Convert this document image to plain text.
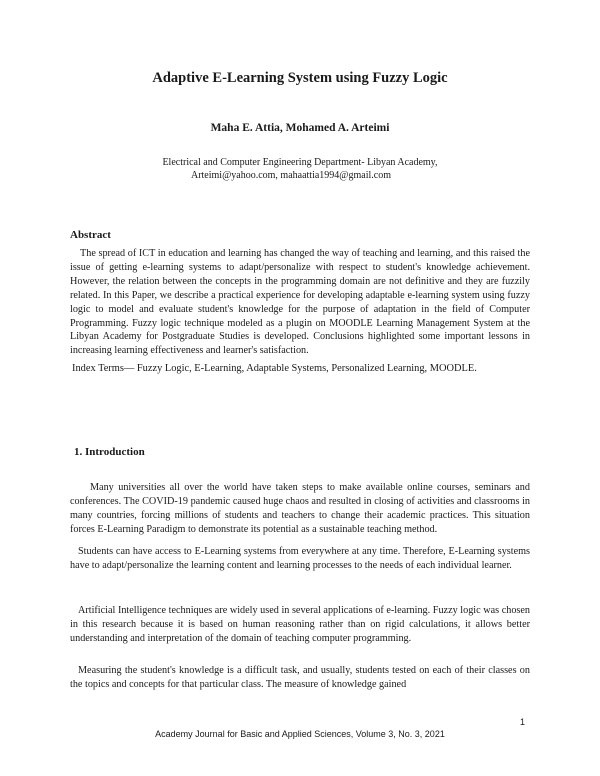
Adaptive E-Learning System using Fuzzy Logic
Maha E. Attia, Mohamed A. Arteimi
Electrical and Computer Engineering Department- Libyan Academy,
Arteimi@yahoo.com, mahaattia1994@gmail.com
Abstract

The spread of ICT in education and learning has changed the way of teaching and learning, and this raised the issue of getting e-learning systems to adapt/personalize with respect to student's knowledge achievement. However, the relation between the concepts in the programming domain are not definitive and they are fuzzily related. In this Paper, we describe a practical experience for developing adaptable e-learning system using fuzzy logic to model and evaluate student's knowledge for the purpose of adaptation in the field of Computer Programming. Fuzzy logic technique modeled as a plugin on MOODLE Learning Management System at the Libyan Academy for Postgraduate Studies is developed. Conclusions highlighted some important lessons in increasing learning effectiveness and learner's satisfaction.

Index Terms— Fuzzy Logic, E-Learning, Adaptable Systems, Personalized Learning, MOODLE.

1. Introduction

Many universities all over the world have taken steps to make available online courses, seminars and conferences. The COVID-19 pandemic caused huge chaos and resulted in closing of activities and classrooms in many countries, forcing millions of students and teachers to change their academic practices. This situation forces E-Learning Paradigm to demonstrate its potential as a sustainable teaching method.

Students can have access to E-Learning systems from everywhere at any time. Therefore, E-Learning systems have to adapt/personalize the learning content and learning processes to the needs of each individual learner.

Artificial Intelligence techniques are widely used in several applications of e-learning. Fuzzy logic was chosen in this research because it is based on human reasoning rather than on rigid calculations, it allows better understanding and interpretation of the domain of teaching computer programming.

Measuring the student's knowledge is a difficult task, and usually, students tested on each of their classes on the topics and concepts for that particular class. The measure of knowledge gained

1
Academy Journal for Basic and Applied Sciences, Volume 3, No. 3, 2021
